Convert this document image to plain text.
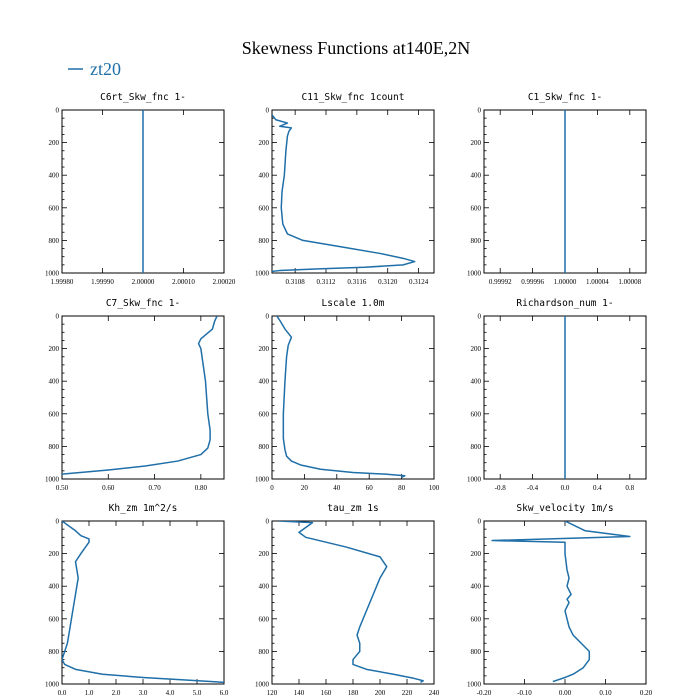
Skewness Functions at140E,2N
zt20
C6rt_Skw_fnc 1-
0
200
400
600
800
1000
1.99980	1.99990	2.00000	2.00010	2.00020
C11_Skw_fnc 1count
0
200
400
600
800
1000
0.3108 0.3112 0.3116 0.3120 0.3124
C1_Skw_fnc 1-
0
200
400
600
800
1000
0.99992 0.99996 1.00000 1.00004 1.00008
C7_Skw_fnc 1-
0
200
400
600
800
1000
0.50	0.60	0.70	0.80
Lscale 1.0m
0
200
400
600
800
1000
0	20	40	60	80	100
Richardson_num 1-
0
200
400
600
800
1000
-0.8	-0.4	0.0	0.4	0.8
Kh_zm 1m^2/s
0
200
400
600
800
1000
0.0	1.0	2.0	3.0	4.0	5.0	6.0
tau_zm 1s
0
200
400
600
800
1000
120 140 160 180 200 220 240
Skw_velocity 1m/s
0
200
400
600
800
1000
-0.20	-0.10	0.00	0.10	0.20
